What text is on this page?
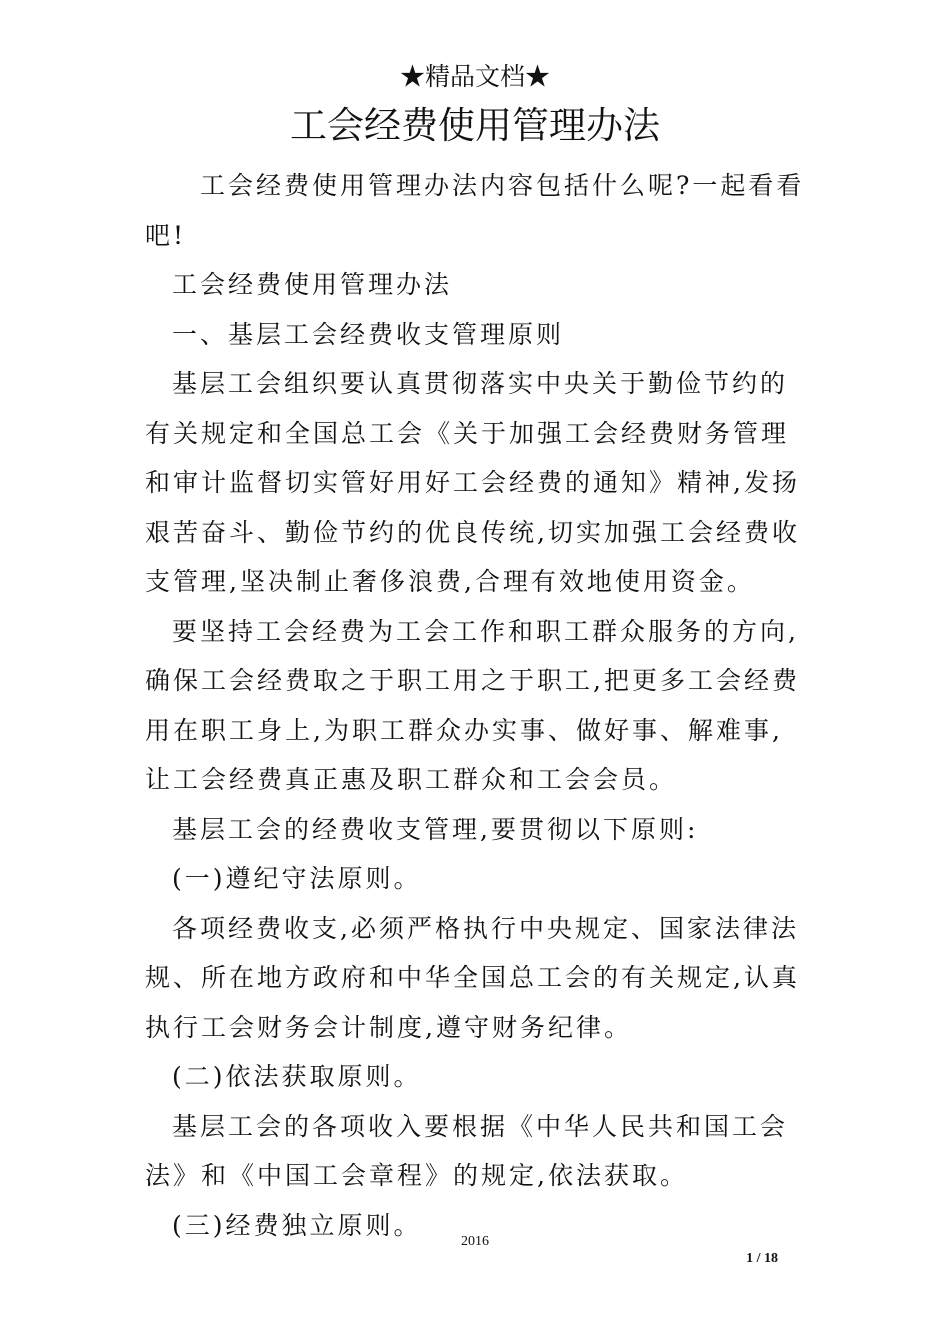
★精品文档★
工会经费使用管理办法

工会经费使用管理办法内容包括什么呢?一起看看吧!

工会经费使用管理办法

一、基层工会经费收支管理原则

基层工会组织要认真贯彻落实中央关于勤俭节约的有关规定和全国总工会《关于加强工会经费财务管理和审计监督切实管好用好工会经费的通知》精神,发扬艰苦奋斗、勤俭节约的优良传统,切实加强工会经费收支管理,坚决制止奢侈浪费,合理有效地使用资金。

要坚持工会经费为工会工作和职工群众服务的方向,确保工会经费取之于职工用之于职工,把更多工会经费用在职工身上,为职工群众办实事、做好事、解难事,让工会经费真正惠及职工群众和工会会员。

基层工会的经费收支管理,要贯彻以下原则:

(一)遵纪守法原则。

各项经费收支,必须严格执行中央规定、国家法律法规、所在地方政府和中华全国总工会的有关规定,认真执行工会财务会计制度,遵守财务纪律。

(二)依法获取原则。

基层工会的各项收入要根据《中华人民共和国工会法》和《中国工会章程》的规定,依法获取。

(三)经费独立原则。

2016
1 / 18
